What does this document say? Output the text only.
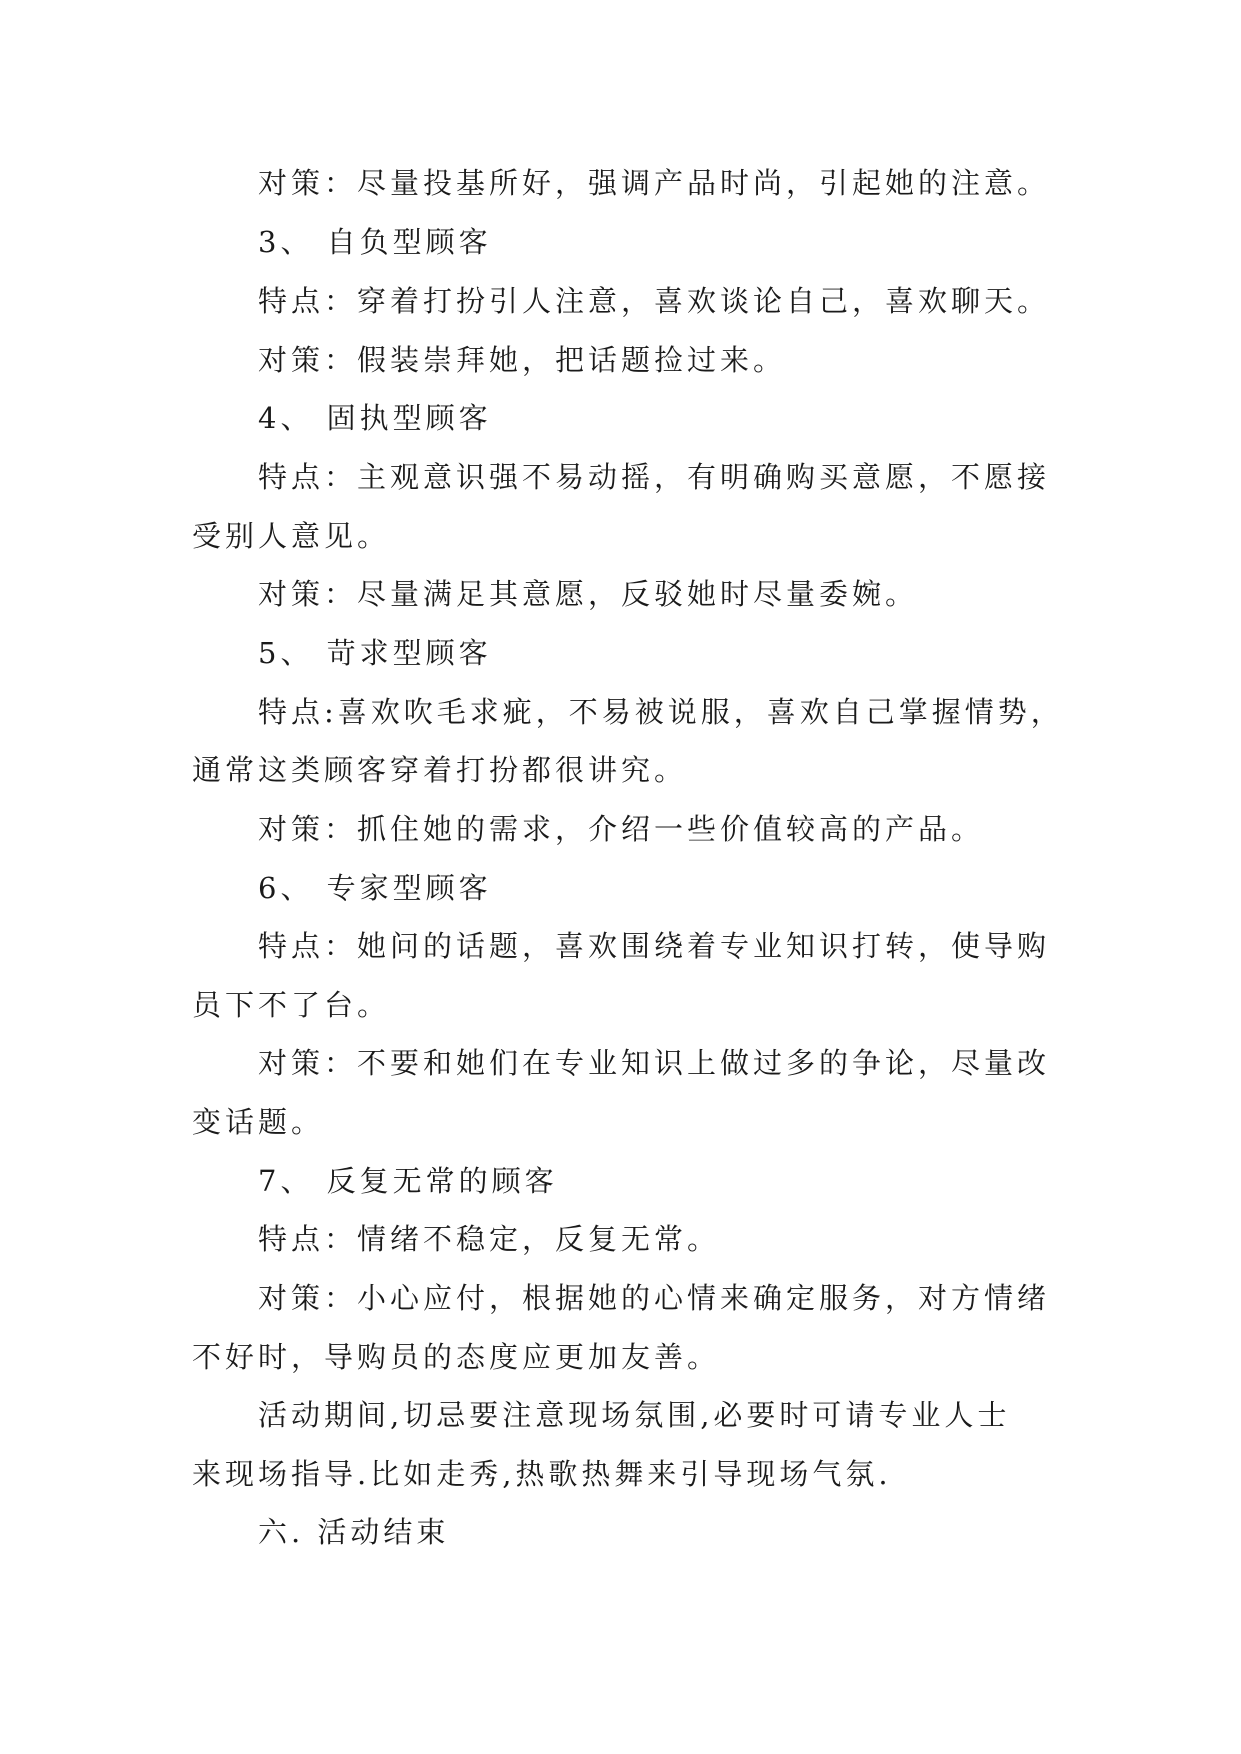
对策：尽量投基所好，强调产品时尚，引起她的注意。
3、 自负型顾客
特点：穿着打扮引人注意，喜欢谈论自己，喜欢聊天。
对策：假装崇拜她，把话题捡过来。
4、 固执型顾客
特点：主观意识强不易动摇，有明确购买意愿，不愿接
受别人意见。
对策：尽量满足其意愿，反驳她时尽量委婉。
5、 苛求型顾客
特点:喜欢吹毛求疵，不易被说服，喜欢自己掌握情势，
通常这类顾客穿着打扮都很讲究。
对策：抓住她的需求，介绍一些价值较高的产品。
6、 专家型顾客
特点：她问的话题，喜欢围绕着专业知识打转，使导购
员下不了台。
对策：不要和她们在专业知识上做过多的争论，尽量改
变话题。
7、 反复无常的顾客
特点：情绪不稳定，反复无常。
对策：小心应付，根据她的心情来确定服务，对方情绪
不好时，导购员的态度应更加友善。
活动期间,切忌要注意现场氛围,必要时可请专业人士
来现场指导.比如走秀,热歌热舞来引导现场气氛.
六. 活动结束
